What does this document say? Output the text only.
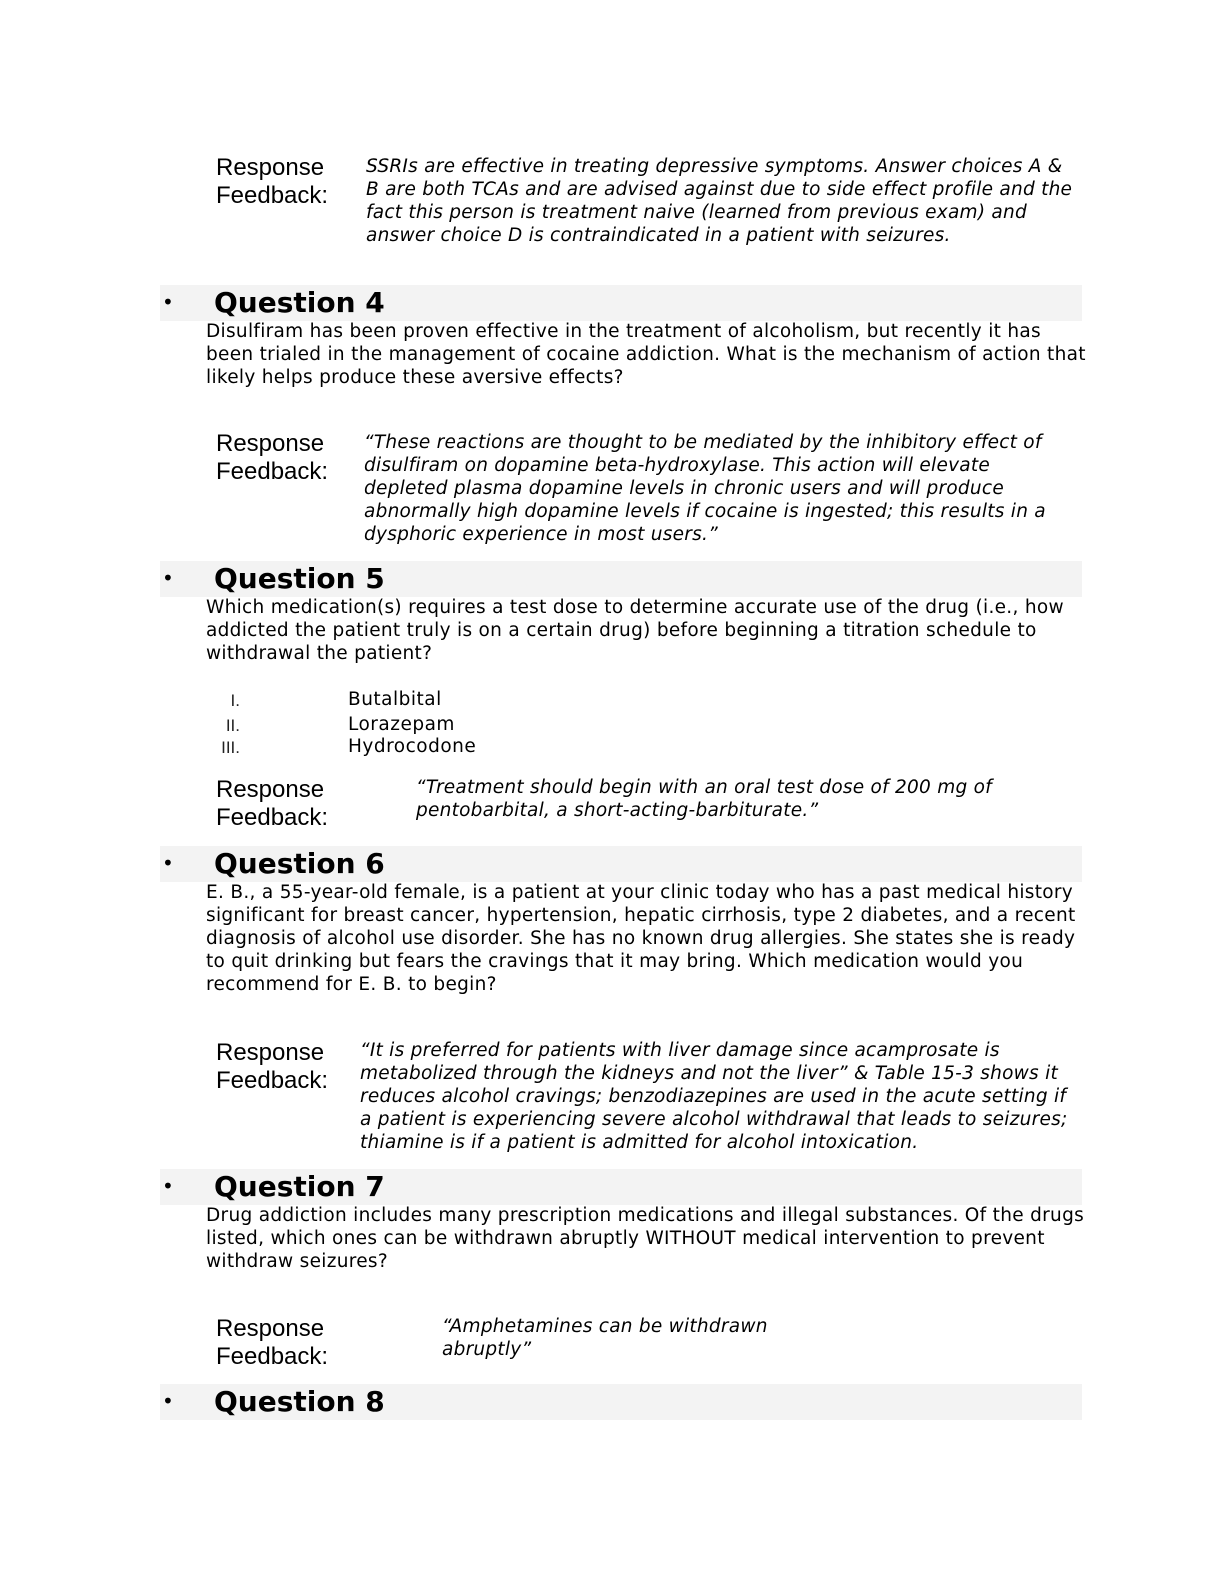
Response
Feedback:
SSRIs are effective in treating depressive symptoms. Answer choices A & B are both TCAs and are advised against due to side effect profile and the fact this person is treatment naive (learned from previous exam) and answer choice D is contraindicated in a patient with seizures.
• Question 4
Disulfiram has been proven effective in the treatment of alcoholism, but recently it has been trialed in the management of cocaine addiction. What is the mechanism of action that likely helps produce these aversive effects?
Response
Feedback:
“These reactions are thought to be mediated by the inhibitory effect of disulfiram on dopamine beta-hydroxylase. This action will elevate depleted plasma dopamine levels in chronic users and will produce abnormally high dopamine levels if cocaine is ingested; this results in a dysphoric experience in most users.”
• Question 5
Which medication(s) requires a test dose to determine accurate use of the drug (i.e., how addicted the patient truly is on a certain drug) before beginning a titration schedule to withdrawal the patient?
I.	Butalbital
II.	Lorazepam
III.	Hydrocodone
Response
Feedback:
“Treatment should begin with an oral test dose of 200 mg of pentobarbital, a short-acting-barbiturate.”
• Question 6
E. B., a 55-year-old female, is a patient at your clinic today who has a past medical history significant for breast cancer, hypertension, hepatic cirrhosis, type 2 diabetes, and a recent diagnosis of alcohol use disorder. She has no known drug allergies. She states she is ready to quit drinking but fears the cravings that it may bring. Which medication would you recommend for E. B. to begin?
Response
Feedback:
“It is preferred for patients with liver damage since acamprosate is metabolized through the kidneys and not the liver” & Table 15-3 shows it reduces alcohol cravings; benzodiazepines are used in the acute setting if a patient is experiencing severe alcohol withdrawal that leads to seizures; thiamine is if a patient is admitted for alcohol intoxication.
• Question 7
Drug addiction includes many prescription medications and illegal substances. Of the drugs listed, which ones can be withdrawn abruptly WITHOUT medical intervention to prevent withdraw seizures?
Response
Feedback:
“Amphetamines can be withdrawn abruptly”
• Question 8
